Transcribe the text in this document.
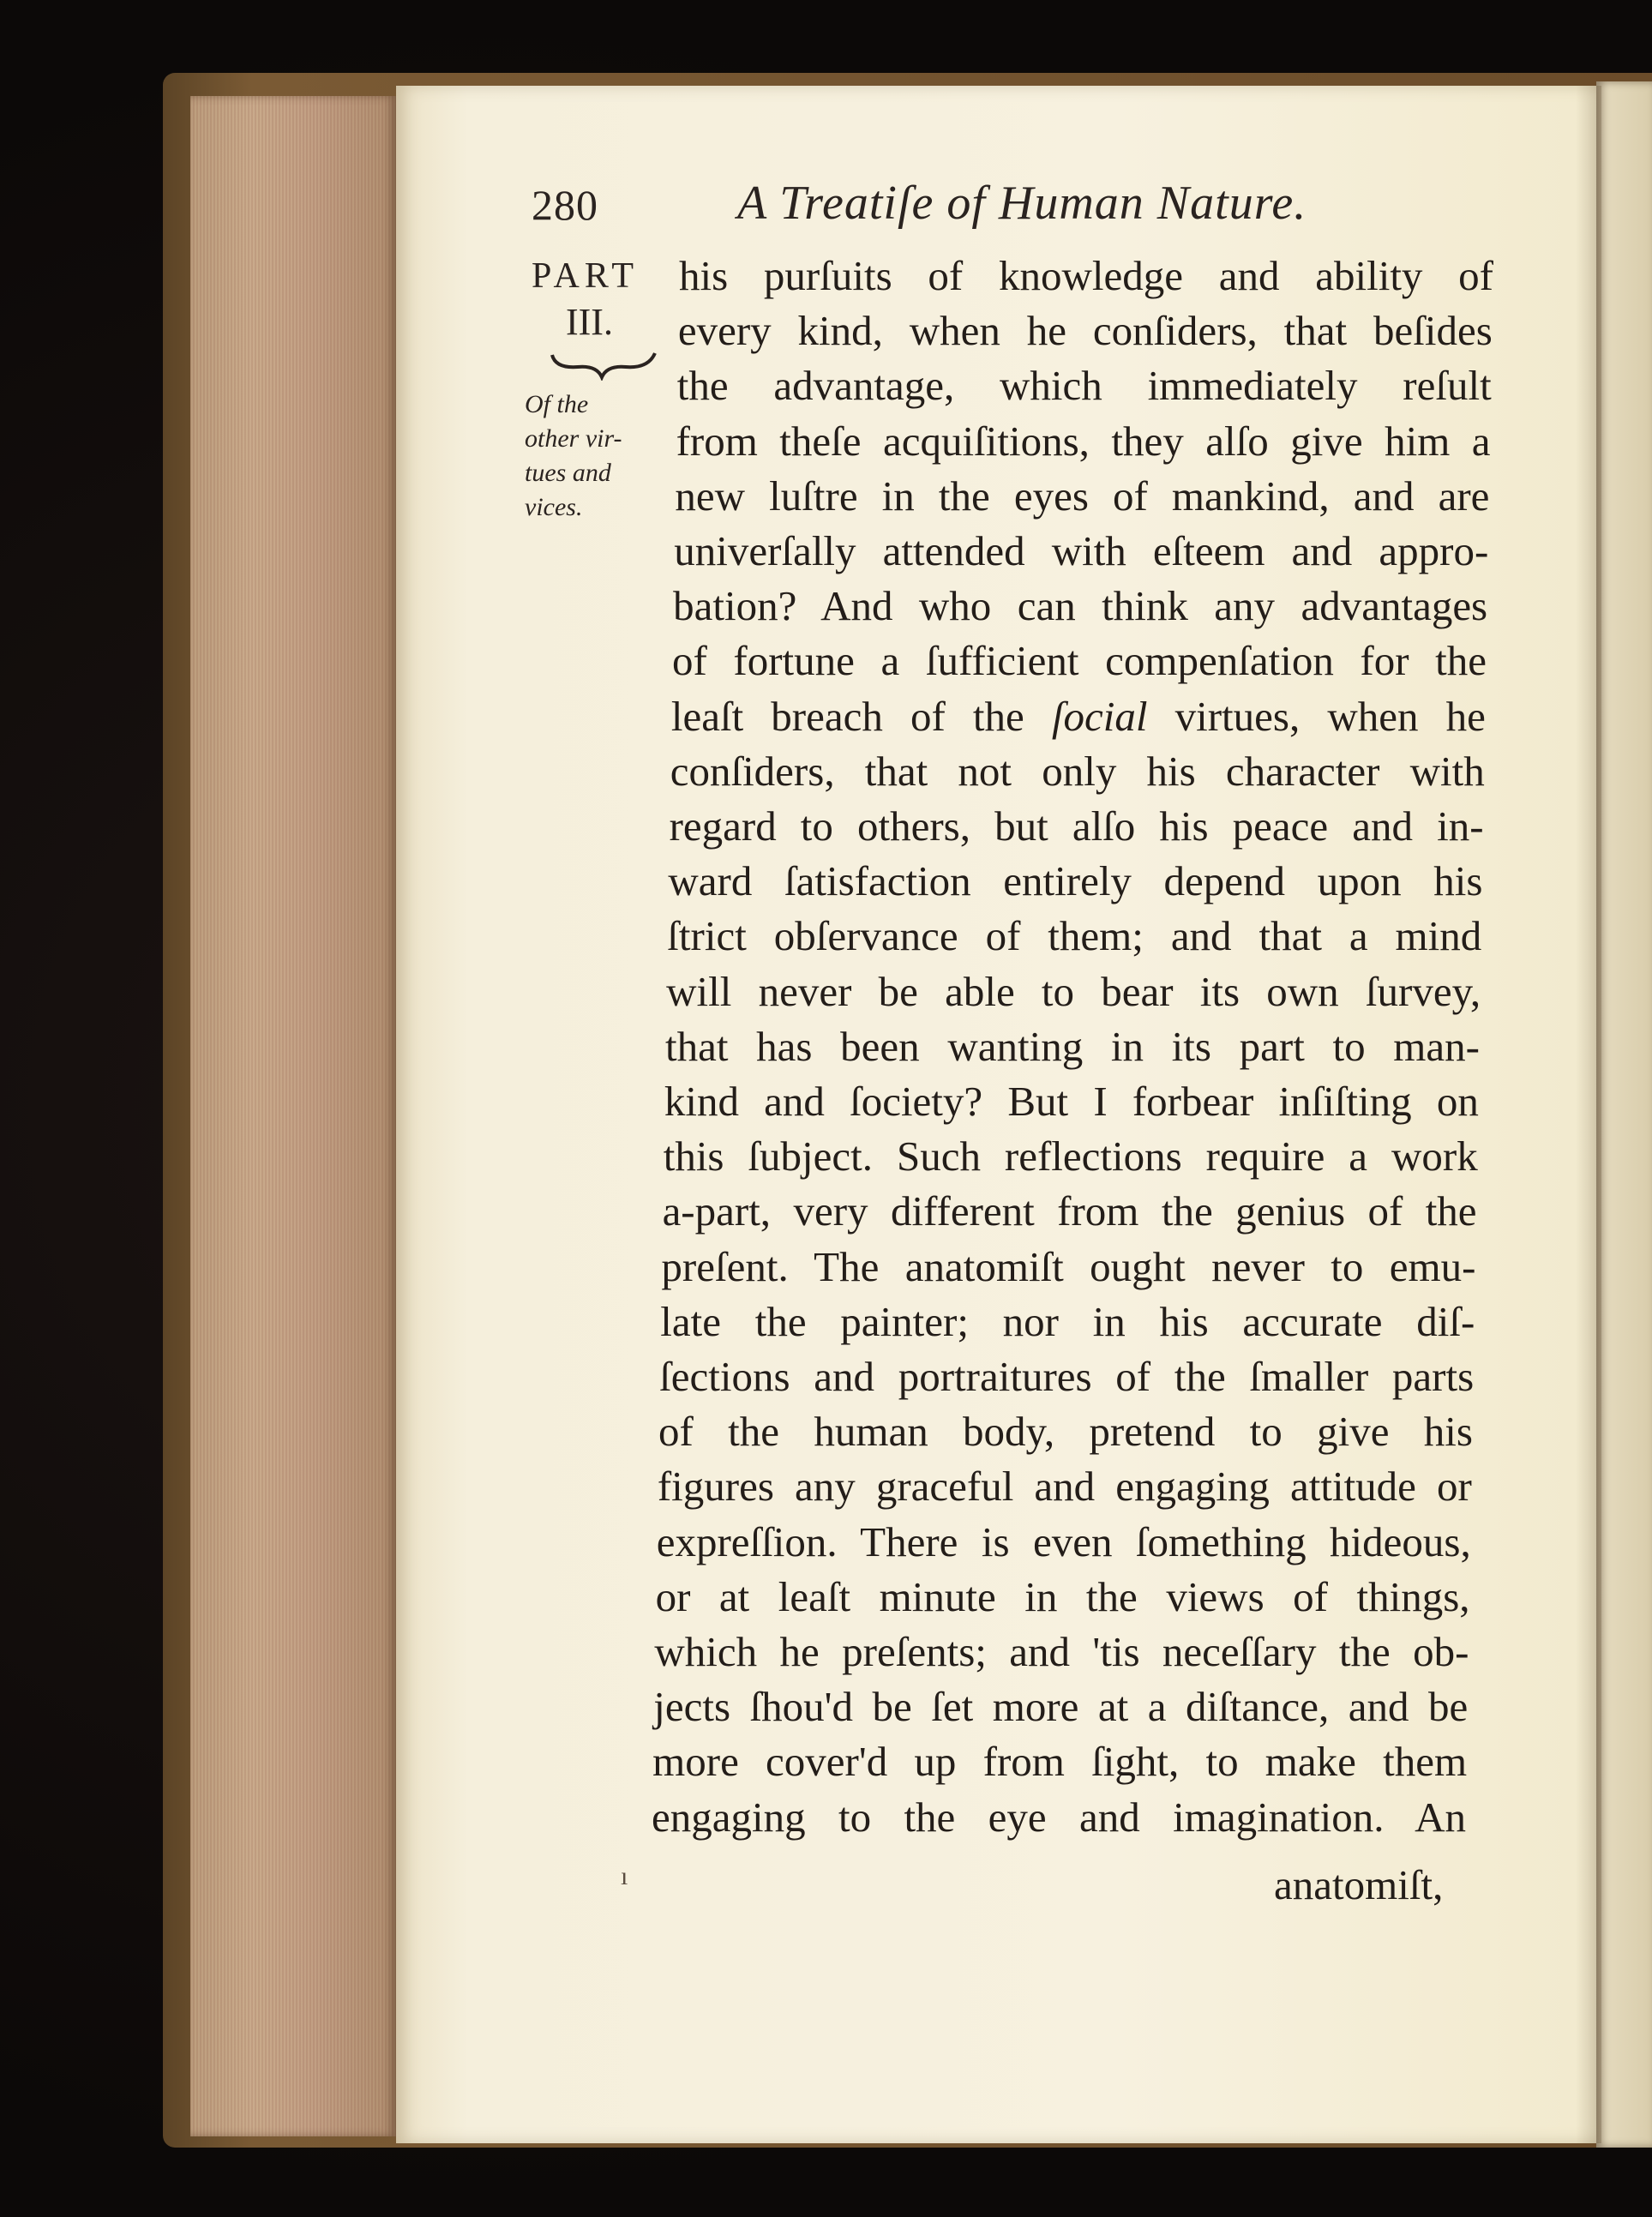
280	A Treatiſe of Human Nature.
PART
III.

Of the
other vir-
tues and
vices.

his purſuits of knowledge and ability of
every kind, when he conſiders, that beſides
the advantage, which immediately reſult
from theſe acquiſitions, they alſo give him a
new luſtre in the eyes of mankind, and are
univerſally attended with eſteem and appro-
bation? And who can think any advantages
of fortune a ſufficient compenſation for the
leaſt breach of the ſocial virtues, when he
conſiders, that not only his character with
regard to others, but alſo his peace and in-
ward ſatisfaction entirely depend upon his
ſtrict obſervance of them; and that a mind
will never be able to bear its own ſurvey,
that has been wanting in its part to man-
kind and ſociety? But I forbear inſiſting on
this ſubject. Such reflections require a work
a-part, very different from the genius of the
preſent. The anatomiſt ought never to emu-
late the painter; nor in his accurate diſ-
ſections and portraitures of the ſmaller parts
of the human body, pretend to give his
figures any graceful and engaging attitude or
expreſſion. There is even ſomething hideous,
or at leaſt minute in the views of things,
which he preſents; and 'tis neceſſary the ob-
jects ſhou'd be ſet more at a diſtance, and be
more cover'd up from ſight, to make them
engaging to the eye and imagination. An
ı	anatomiſt,
